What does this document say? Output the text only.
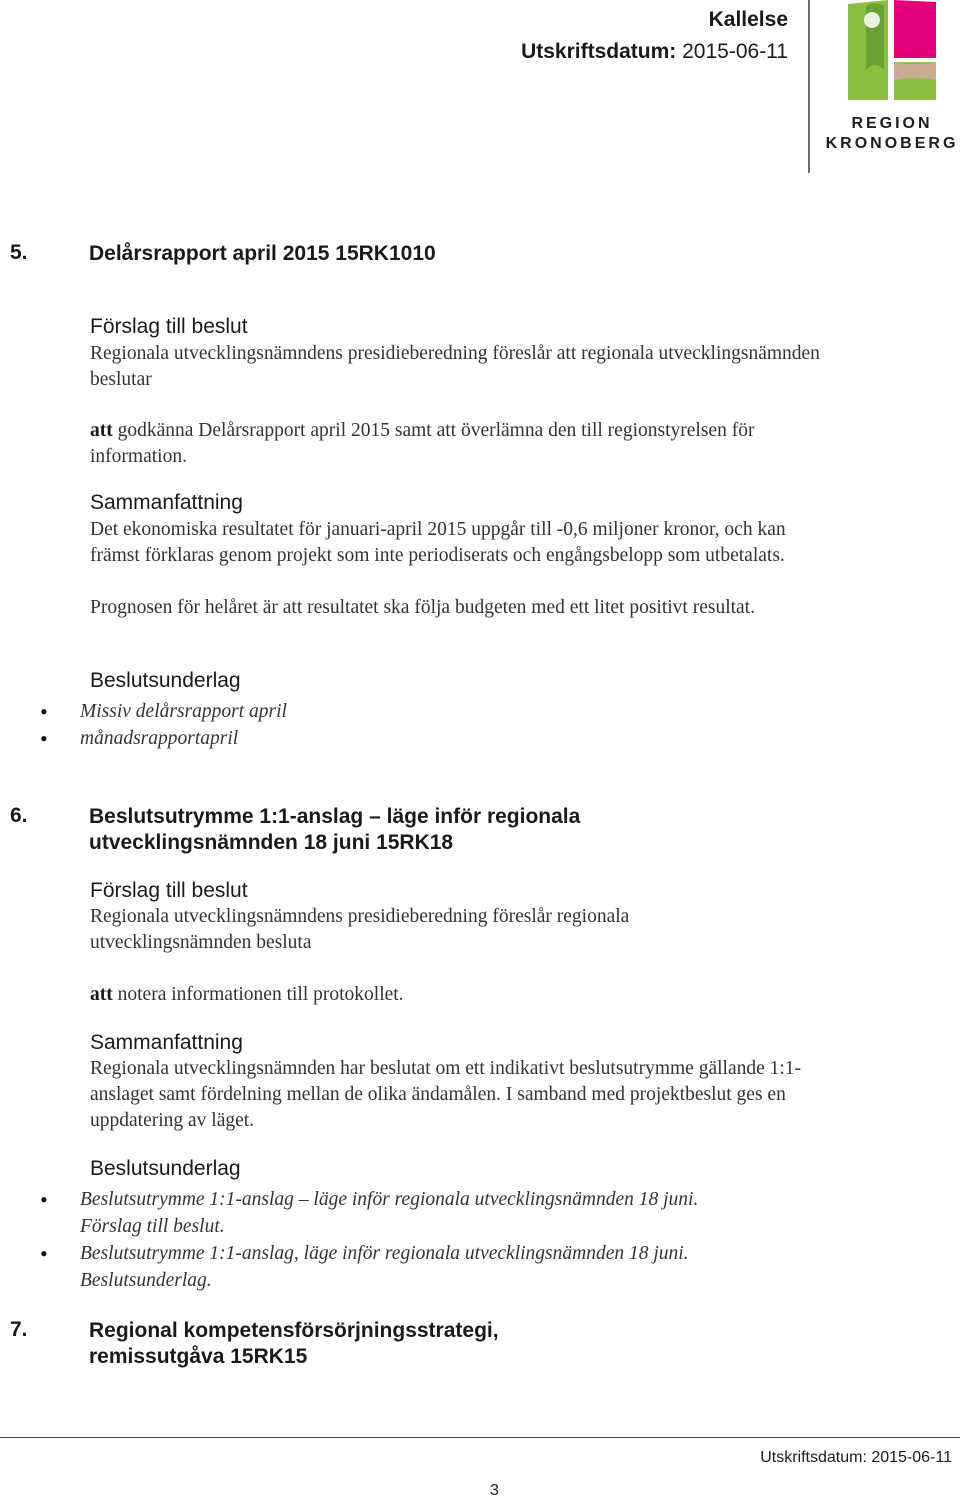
Kallelse
Utskriftsdatum: 2015-06-11
REGION
KRONOBERG
5.	Delårsrapport april 2015 15RK1010
Förslag till beslut
Regionala utvecklingsnämndens presidieberedning föreslår att regionala utvecklingsnämnden beslutar
att godkänna Delårsrapport april 2015 samt att överlämna den till regionstyrelsen för information.
Sammanfattning
Det ekonomiska resultatet för januari-april 2015 uppgår till -0,6 miljoner kronor, och kan främst förklaras genom projekt som inte periodiserats och engångsbelopp som utbetalats.
Prognosen för helåret är att resultatet ska följa budgeten med ett litet positivt resultat.
Beslutsunderlag
• Missiv delårsrapport april
• månadsrapportapril
6.	Beslutsutrymme 1:1-anslag – läge inför regionala utvecklingsnämnden 18 juni 15RK18
Förslag till beslut
Regionala utvecklingsnämndens presidieberedning föreslår regionala utvecklingsnämnden besluta
att notera informationen till protokollet.
Sammanfattning
Regionala utvecklingsnämnden har beslutat om ett indikativt beslutsutrymme gällande 1:1-anslaget samt fördelning mellan de olika ändamålen. I samband med projektbeslut ges en uppdatering av läget.
Beslutsunderlag
• Beslutsutrymme 1:1-anslag – läge inför regionala utvecklingsnämnden 18 juni. Förslag till beslut.
• Beslutsutrymme 1:1-anslag, läge inför regionala utvecklingsnämnden 18 juni. Beslutsunderlag.
7.	Regional kompetensförsörjningsstrategi, remissutgåva 15RK15
Utskriftsdatum: 2015-06-11
3
